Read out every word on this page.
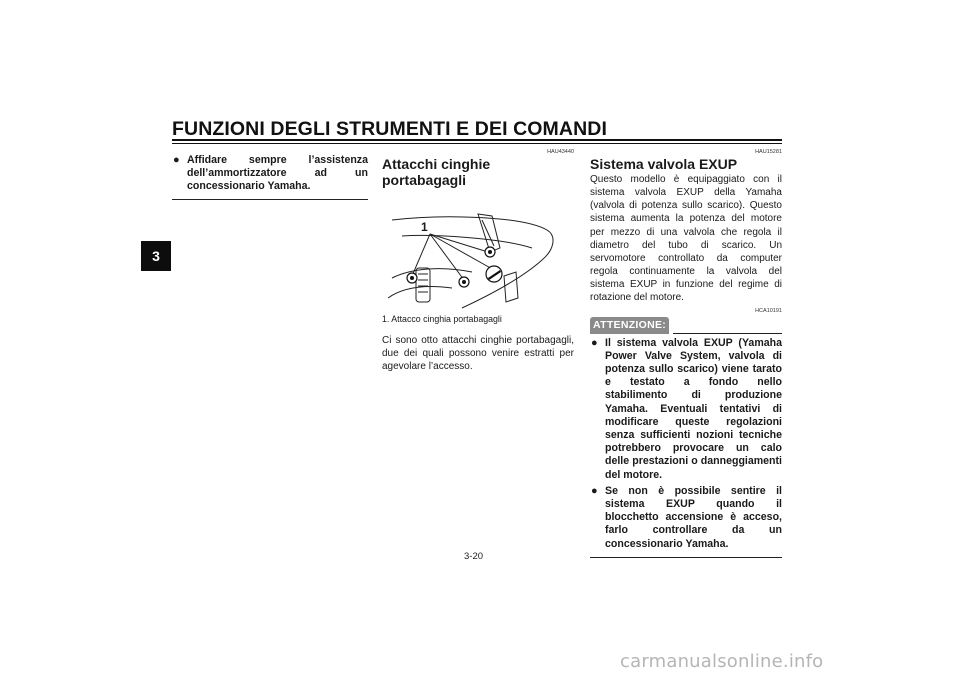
FUNZIONI DEGLI STRUMENTI E DEI COMANDI
3
● Affidare sempre l’assistenza dell’ammortizzatore ad un concessionario Yamaha.
HAU43440
Attacchi cinghie portabagagli
1
1. Attacco cinghia portabagagli

Ci sono otto attacchi cinghie portabagagli, due dei quali possono venire estratti per agevolare l’accesso.

HAU15281
Sistema valvola EXUP

Questo modello è equipaggiato con il sistema valvola EXUP della Yamaha (valvola di potenza sullo scarico). Questo sistema aumenta la potenza del motore per mezzo di una valvola che regola il diametro del tubo di scarico. Un servomotore controllato da computer regola continuamente la valvola del sistema EXUP in funzione del regime di rotazione del motore.

HCA10191
ATTENZIONE:
● Il sistema valvola EXUP (Yamaha Power Valve System, valvola di potenza sullo scarico) viene tarato e testato a fondo nello stabilimento di produzione Yamaha. Eventuali tentativi di modificare queste regolazioni senza sufficienti nozioni tecniche potrebbero provocare un calo delle prestazioni o danneggiamenti del motore.
● Se non è possibile sentire il sistema EXUP quando il blocchetto accensione è acceso, farlo controllare da un concessionario Yamaha.
3-20
carmanualsonline.info
